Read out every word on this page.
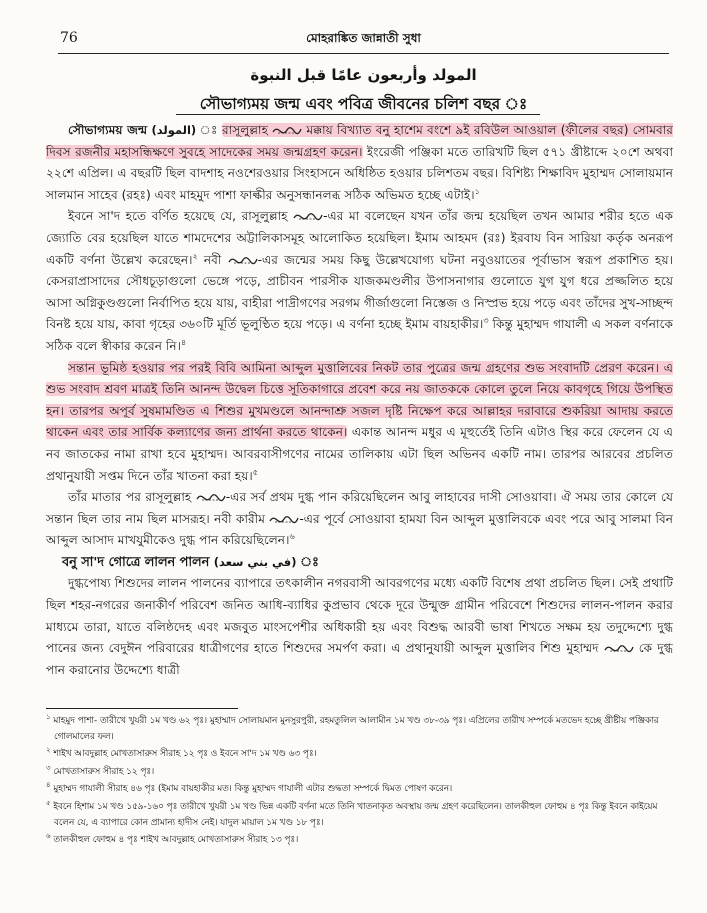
76	মোহরাঙ্কিত জান্নাতী সুধা
المولد وأربعون عامًا قبل النبوة
সৌভাগ্যময় জন্ম এবং পবিত্র জীবনের চলিশ বছর ঃ

সৌভাগ্যময় জন্ম (المولد) ঃ রাসূলুল্লাহ  মক্কায় বিখ্যাত বনু হাশেম বংশে ৯ই রবিউল আওয়াল (ফীলের বছর) সোমবার দিবস রজনীর মহাসন্ধিক্ষণে সুবহে সাদেকের সময় জন্মগ্রহণ করেন। ইংরেজী পঞ্জিকা মতে তারিখটি ছিল ৫৭১ খ্রীষ্টাব্দে ২০শে অথবা ২২শে এপ্রিল। এ বছরটি ছিল বাদশাহ নওশেরওয়ার সিংহাসনে অধিষ্ঠিত হওয়ার চলিশতম বছর। বিশিষ্ট্য শিক্ষাবিদ মুহাম্মদ সোলায়মান সালমান সাহেব (রহঃ) এবং মাহমুদ পাশা ফাল্কীর অনুসন্ধানলব্ধ সঠিক অভিমত হচ্ছে এটাই।$^১$

ইবনে সা'দ হতে বর্ণিত হয়েছে যে, রাসূলুল্লাহ -এর মা বলেছেন যখন তাঁর জন্ম হয়েছিল তখন আমার শরীর হতে এক জ্যোতি বের হয়েছিল যাতে শামদেশের অট্টালিকাসমূহ আলোকিত হয়েছিল। ইমাম আহমদ (রঃ) ইরবায বিন সারিয়া কর্তৃক অনরূপ একটি বর্ণনা উল্লেখ করেছেন।$^২$ নবী -এর জন্মের সময় কিছু উল্লেখযোগ্য ঘটনা নবুওয়াতের পূর্বাভাস স্বরূপ প্রকাশিত হয়। কেসরাপ্রাসাদের সৌধচূড়াগুলো ভেঙ্গে পড়ে, প্রাচীবন পারসীক যাজকমণ্ডলীর উপাসনাগার গুলোতে যুগ যুগ ধরে প্রজ্জলিত হয়ে আসা অগ্নিকুণ্ডগুলো নির্বাপিত হয়ে যায়, বাহীরা পাদ্রীগণের সরগম গীর্জাগুলো নিস্তেজ ও নিস্প্রভ হয়ে পড়ে এবং তাঁদের সুখ-সাচ্ছন্দ বিনষ্ট হয়ে যায়, কাবা গৃহের ৩৬০টি মূর্তি ভূলুণ্ঠিত হয়ে পড়ে। এ বর্ণনা হচ্ছে ইমাম বায়হাকীর।$^৩$ কিন্তু মুহাম্মদ গাযালী এ সকল বর্ণনাকে সঠিক বলে স্বীকার করেন নি।$^৪$

সন্তান ভূমিষ্ঠ হওয়ার পর পরই বিবি আমিনা আব্দুল মুত্তালিবের নিকট তার পুত্রের জন্ম গ্রহণের শুভ সংবাদটি প্রেরণ করেন। এ শুভ সংবাদ শ্রবণ মাত্রই তিনি আনন্দ উদ্বেল চিত্তে সূতিকাগারে প্রবেশ করে নয় জাতককে কোলে তুলে নিয়ে কাবগৃহে গিয়ে উপস্থিত হন। তারপর অপূর্ব সুষমামণ্ডিত এ শিশুর মুখমণ্ডলে আনন্দাশ্রু সজল দৃষ্টি নিক্ষেপ করে আল্লাহর দরাবারে শুকরিয়া আদায় করতে থাকেন এবং তার সার্বিক কল্যাণের জন্য প্রার্থনা করতে থাকেন। একান্ত আনন্দ মধুর এ মূহুর্তেই তিনি এটাও স্থির করে ফেলেন যে এ নব জাতকের নামা রাখা হবে মুহাম্মদ। আবরবাসীগণের নামের তালিকায় এটা ছিল অভিনব একটি নাম। তারপর আরবের প্রচলিত প্রথানুযায়ী সপ্তম দিনে তাঁর খাতনা করা হয়।$^৫$

তাঁর মাতার পর রাসূলুল্লাহ -এর সর্ব প্রথম দুগ্ধ পান করিয়েছিলেন আবু লাহাবের দাসী সোওয়াবা। ঐ সময় তার কোলে যে সন্তান ছিল তার নাম ছিল মাসরূহ। নবী কারীম -এর পূর্বে সোওয়াবা হামযা বিন আব্দুল মুত্তালিবকে এবং পরে আবু সালমা বিন আব্দুল আসাদ মাখযুমীকেও দুগ্ধ পান করিয়েছিলেন।$^৬$

বনু সা'দ গোত্রে লালন পালন (في بني سعد) ঃ

দুগ্ধপোষ্য শিশুদের লালন পালনের ব্যাপারে তৎকালীন নগরবাসী আবরগণের মধ্যে একটি বিশেষ প্রথা প্রচলিত ছিল। সেই প্রথাটি ছিল শহর-নগরের জনাকীর্ণ পরিবেশ জনিত আধি-ব্যাধির কুপ্রভাব থেকে দূরে উন্মুক্ত গ্রামীন পরিবেশে শিশুদের লালন-পালন করার মাধ্যমে তারা, যাতে বলিষ্ঠদেহ এবং মজবুত মাংসপেশীর অধিকারী হয় এবং বিশুদ্ধ আরবী ভাষা শিখতে সক্ষম হয় তদুদ্দেশ্যে দুগ্ধ পানের জন্য বেদুঈন পরিবারের ধাত্রীগণের হাতে শিশুদের সমর্পণ করা। এ প্রথানুযায়ী আব্দুল মুত্তালিব শিশু মুহাম্মদ  কে দুগ্ধ পান করানোর উদ্দেশ্যে ধাত্রী

$^১$ মাহমুদ পাশা- তারীখে খুযরী ১ম খণ্ড ৬২ পৃঃ। মুহাম্মাদ সোলায়মান মুনসুরপুরী, রহমতুলিল আলামীন ১ম খণ্ড ৩৮-৩৯ পৃঃ। এপ্রিলের তারীখ সম্পর্কে মতভেদ হচ্ছে খ্রীষ্টীয় পঞ্জিকার গোলমালের ফল।

$^২$ শাইখ আবদুল্লাহ মোখতাসারুস সীরাহ ১২ পৃঃ ও ইবনে সা'দ ১ম খণ্ড ৬৩ পৃঃ।

$^৩$ মোখতাসারুস সীরাহ ১২ পৃঃ।

$^৪$ মুহাম্মদ গাযালী সীরাহ ৪৬ পৃঃ (ইমাম বায়হাকীর মত। কিন্তু মুহাম্মদ গাযালী এটার শুদ্ধতা সম্পর্কে দ্বিমত পোষণ করেন।

$^৫$ ইবনে হিশাম ১ম খণ্ড ১৫৯-১৬০ পৃঃ তারীখে খুযরী ১ম খণ্ড ভিন্ন একটি বর্ণনা মতে তিনি খাতনাকৃত অবস্থায় জন্ম গ্রহণ করেছিলেন। তালকীহুল ফোহুম ৪ পৃঃ কিন্তু ইবনে কাইয়েম বলেন যে, এ ব্যাপারে কোন প্রামান্য হাদীস নেই। যাদুল মায়াল ১ম খণ্ড ১৮ পৃঃ।

$^৬$ তালকীহুল ফোহুম ৪ পৃঃ শাইখ আবদুল্লাহ মোখতাসারুস সীরাহ ১৩ পৃঃ।
